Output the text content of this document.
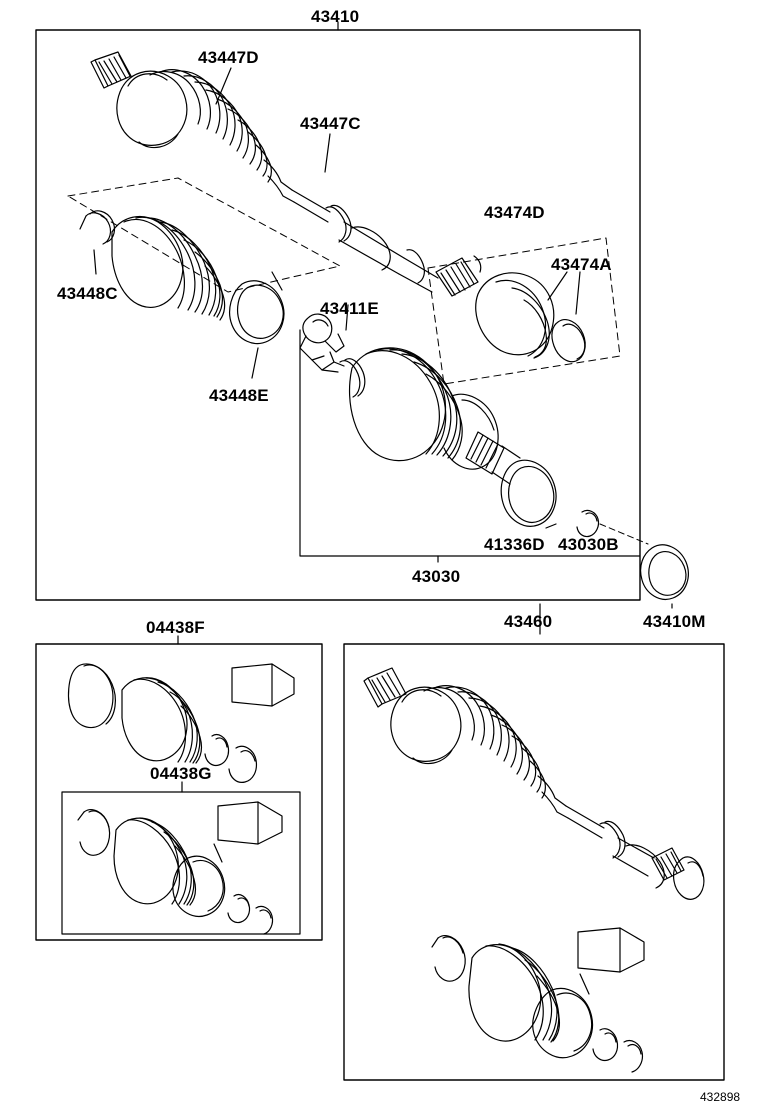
43410
43447D
43447C
43474D
43474A
43448C
43411E
43448E
41336D 43030B
43030
04438F	43460	43410M
04438G
432898
